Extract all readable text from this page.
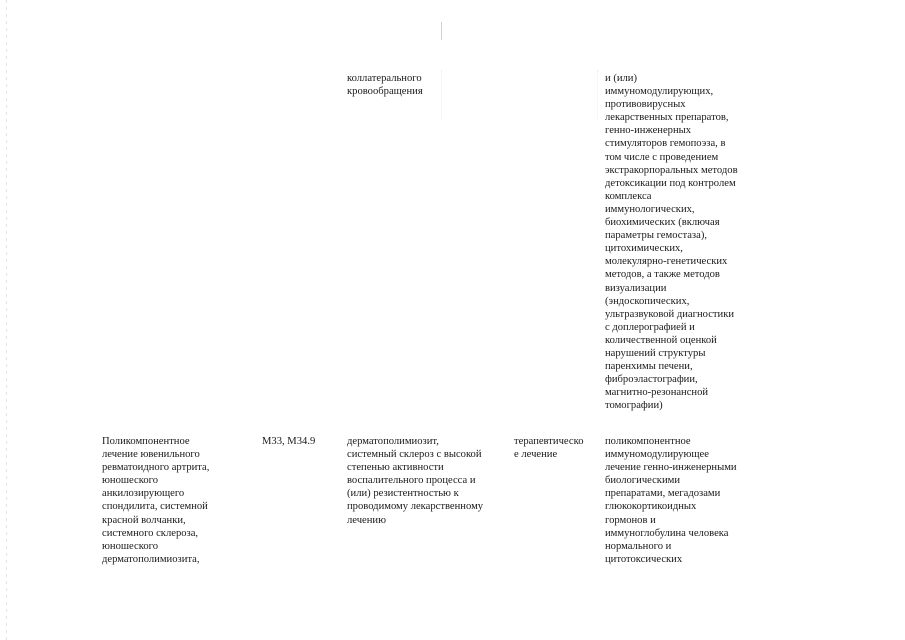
коллатерального
кровообращения

и (или)
иммуномодулирующих,
противовирусных
лекарственных препаратов,
генно-инженерных
стимуляторов гемопоэза, в
том числе с проведением
экстракорпоральных методов
детоксикации под контролем
комплекса
иммунологических,
биохимических (включая
параметры гемостаза),
цитохимических,
молекулярно-генетических
методов, а также методов
визуализации
(эндоскопических,
ультразвуковой диагностики
с доплерографией и
количественной оценкой
нарушений структуры
паренхимы печени,
фиброэластографии,
магнитно-резонансной
томографии)

Поликомпонентное
лечение ювенильного
ревматоидного артрита,
юношеского
анкилозирующего
спондилита, системной
красной волчанки,
системного склероза,
юношеского
дерматополимиозита,

M33, M34.9	дерматополимиозит,
системный склероз с высокой
степенью активности
воспалительного процесса и
(или) резистентностью к
проводимому лекарственному
лечению

терапевтическо
е лечение

поликомпонентное
иммуномодулирующее
лечение генно-инженерными
биологическими
препаратами, мегадозами
глюкокортикоидных
гормонов и
иммуноглобулина человека
нормального и
цитотоксических
